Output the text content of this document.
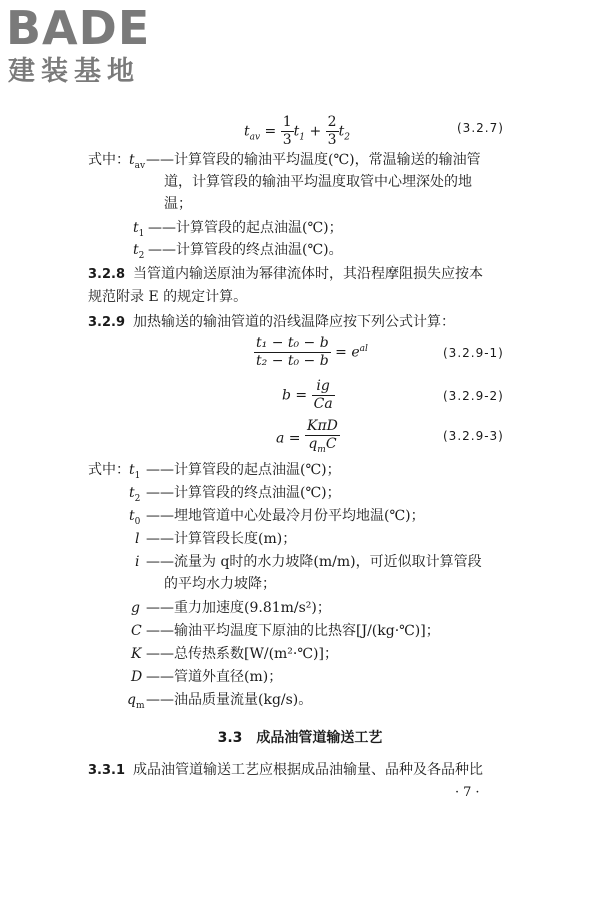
BADE
建装基地
$t_{av} = \frac{1}{3} t_1 + \frac{2}{3} t_2$
(3.2.7)
式中： $t_{av}$ ——计算管段的输油平均温度(℃)，常温输送的输油管
道，计算管段的输油平均温度取管中心埋深处的地
温；
$t_1$ ——计算管段的起点油温(℃)；
$t_2$ ——计算管段的终点油温(℃)。
3.2.8 当管道内输送原油为幂律流体时，其沿程摩阻损失应按本
规范附录 E 的规定计算。
3.2.9 加热输送的输油管道的沿线温降应按下列公式计算：
$\frac{\text{t₁ − t₀ − b}}{\text{t₂ − t₀ − b}} = e^{al}$	(3.2.9-1)
$b = \frac{ig}{Ca}$	(3.2.9-2)
$a = \frac{\text{KπD}}{q_mC}$	(3.2.9-3)
式中： $t_1$ ——计算管段的起点油温(℃)；
$t_2$ ——计算管段的终点油温(℃)；
$t_0$ ——埋地管道中心处最冷月份平均地温(℃)；
l ——计算管段长度(m)；
i ——流量为 q时的水力坡降(m/m)，可近似取计算管段
的平均水力坡降；
g ——重力加速度(9.81m/s²)；
C ——输油平均温度下原油的比热容[J/(kg·℃)]；
K ——总传热系数[W/(m²·℃)]；
D ——管道外直径(m)；
$q_m$ ——油品质量流量(kg/s)。
3.3　成品油管道输送工艺
3.3.1 成品油管道输送工艺应根据成品油输量、品种及各品种比
·7·
